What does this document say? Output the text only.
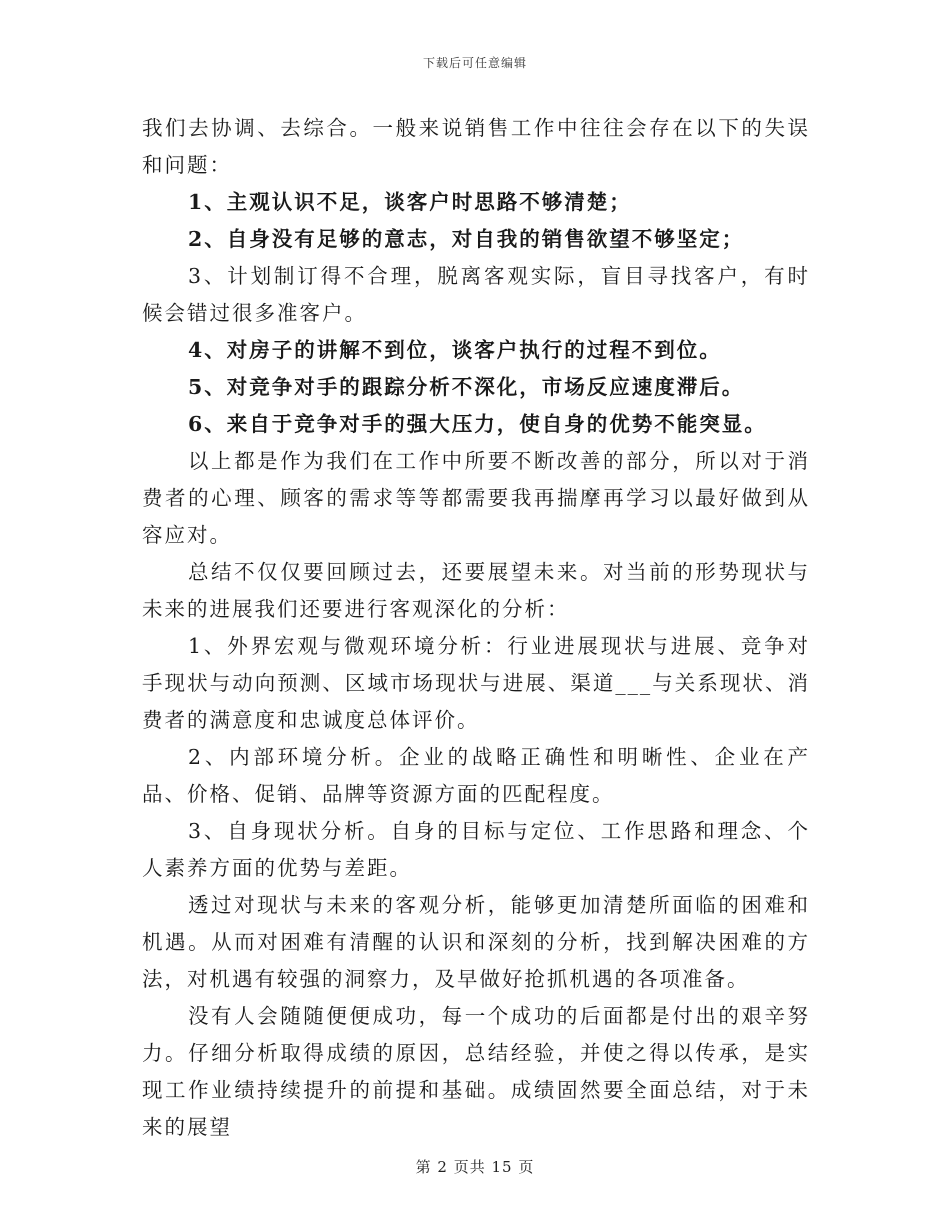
下载后可任意编辑

我们去协调、去综合。一般来说销售工作中往往会存在以下的失误和问题：

1、主观认识不足，谈客户时思路不够清楚；

2、自身没有足够的意志，对自我的销售欲望不够坚定；

3、计划制订得不合理，脱离客观实际，盲目寻找客户，有时候会错过很多准客户。

4、对房子的讲解不到位，谈客户执行的过程不到位。

5、对竞争对手的跟踪分析不深化，市场反应速度滞后。

6、来自于竞争对手的强大压力，使自身的优势不能突显。

以上都是作为我们在工作中所要不断改善的部分，所以对于消费者的心理、顾客的需求等等都需要我再揣摩再学习以最好做到从容应对。

总结不仅仅要回顾过去，还要展望未来。对当前的形势现状与未来的进展我们还要进行客观深化的分析：

1、外界宏观与微观环境分析：行业进展现状与进展、竞争对手现状与动向预测、区域市场现状与进展、渠道___与关系现状、消费者的满意度和忠诚度总体评价。

2、内部环境分析。企业的战略正确性和明晰性、企业在产品、价格、促销、品牌等资源方面的匹配程度。

3、自身现状分析。自身的目标与定位、工作思路和理念、个人素养方面的优势与差距。

透过对现状与未来的客观分析，能够更加清楚所面临的困难和机遇。从而对困难有清醒的认识和深刻的分析，找到解决困难的方法，对机遇有较强的洞察力，及早做好抢抓机遇的各项准备。

没有人会随随便便成功，每一个成功的后面都是付出的艰辛努力。仔细分析取得成绩的原因，总结经验，并使之得以传承，是实现工作业绩持续提升的前提和基础。成绩固然要全面总结，对于未来的展望

第 2 页共 15 页
